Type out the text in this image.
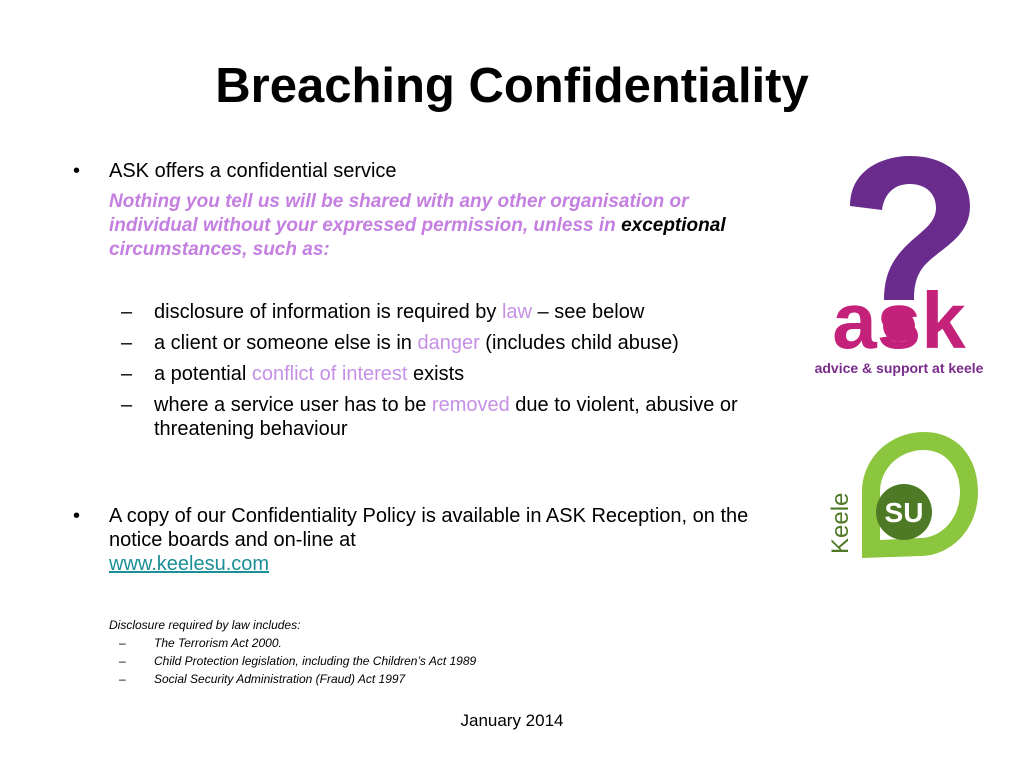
Breaching Confidentiality
• ASK offers a confidential service
Nothing you tell us will be shared with any other organisation or individual without your expressed permission, unless in exceptional circumstances, such as:
– disclosure of information is required by law – see below
– a client or someone else is in danger (includes child abuse)
– a potential conflict of interest exists
– where a service user has to be removed due to violent, abusive or threatening behaviour
• A copy of our Confidentiality Policy is available in ASK Reception, on the notice boards and on-line at
www.keelesu.com
Disclosure required by law includes:
– The Terrorism Act 2000.
– Child Protection legislation, including the Children’s Act 1989
– Social Security Administration (Fraud) Act 1997
January 2014
ask
advice & support at keele
SU
Keele
